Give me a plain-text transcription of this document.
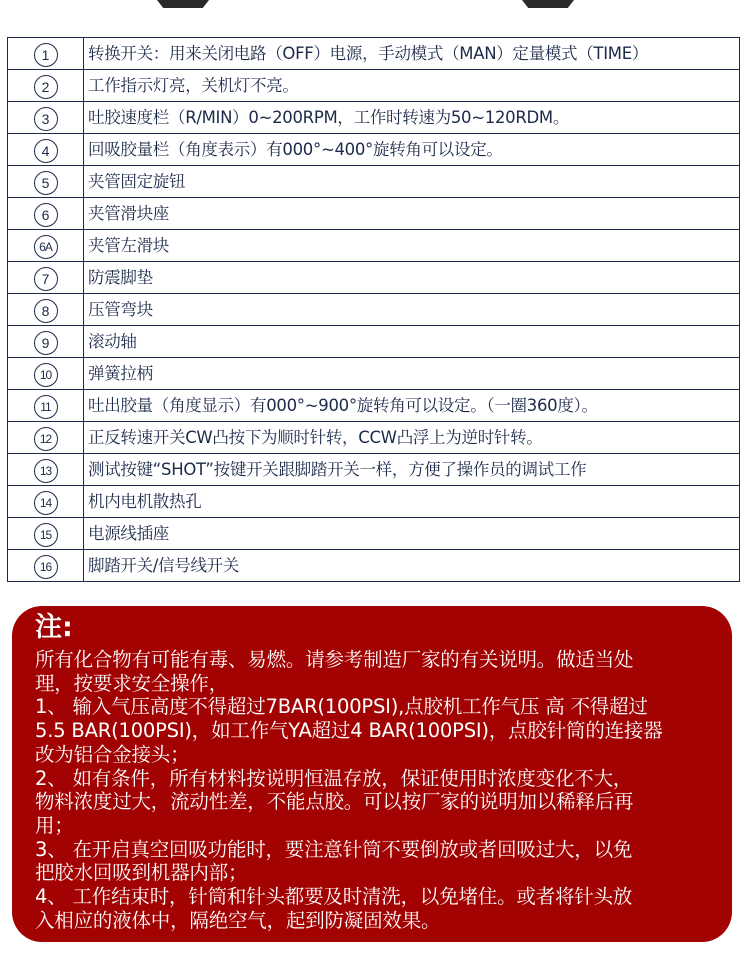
1	转换开关：用来关闭电路（OFF）电源，手动模式（MAN）定量模式（TIME）
2	工作指示灯亮，关机灯不亮。
3	吐胶速度栏（R/MIN）0~200RPM，工作时转速为50~120RDM。
4	回吸胶量栏（角度表示）有000°~400°旋转角可以设定。
5	夹管固定旋钮
6	夹管滑块座
6A	夹管左滑块
7	防震脚垫
8	压管弯块
9	滚动轴
10	弹簧拉柄
11	吐出胶量（角度显示）有000°~900°旋转角可以设定。（一圈360度）。
12	正反转速开关CW凸按下为顺时针转，CCW凸浮上为逆时针转。
13	测试按键“SHOT”按键开关跟脚踏开关一样，方便了操作员的调试工作
14	机内电机散热孔
15	电源线插座
16	脚踏开关/信号线开关
注:

所有化合物有可能有毒、易燃。请参考制造厂家的有关说明。做适当处

理，按要求安全操作，

1、 输入气压高度不得超过7BAR(100PSI),点胶机工作气压 高 不得超过

5.5 BAR(100PSI)，如工作气YA超过4 BAR(100PSI)，点胶针筒的连接器

改为铝合金接头；

2、 如有条件，所有材料按说明恒温存放，保证使用时浓度变化不大，

物料浓度过大，流动性差，不能点胶。可以按厂家的说明加以稀释后再

用；

3、 在开启真空回吸功能时，要注意针筒不要倒放或者回吸过大，以免

把胶水回吸到机器内部；

4、 工作结束时，针筒和针头都要及时清洗，以免堵住。或者将针头放

入相应的液体中，隔绝空气，起到防凝固效果。
